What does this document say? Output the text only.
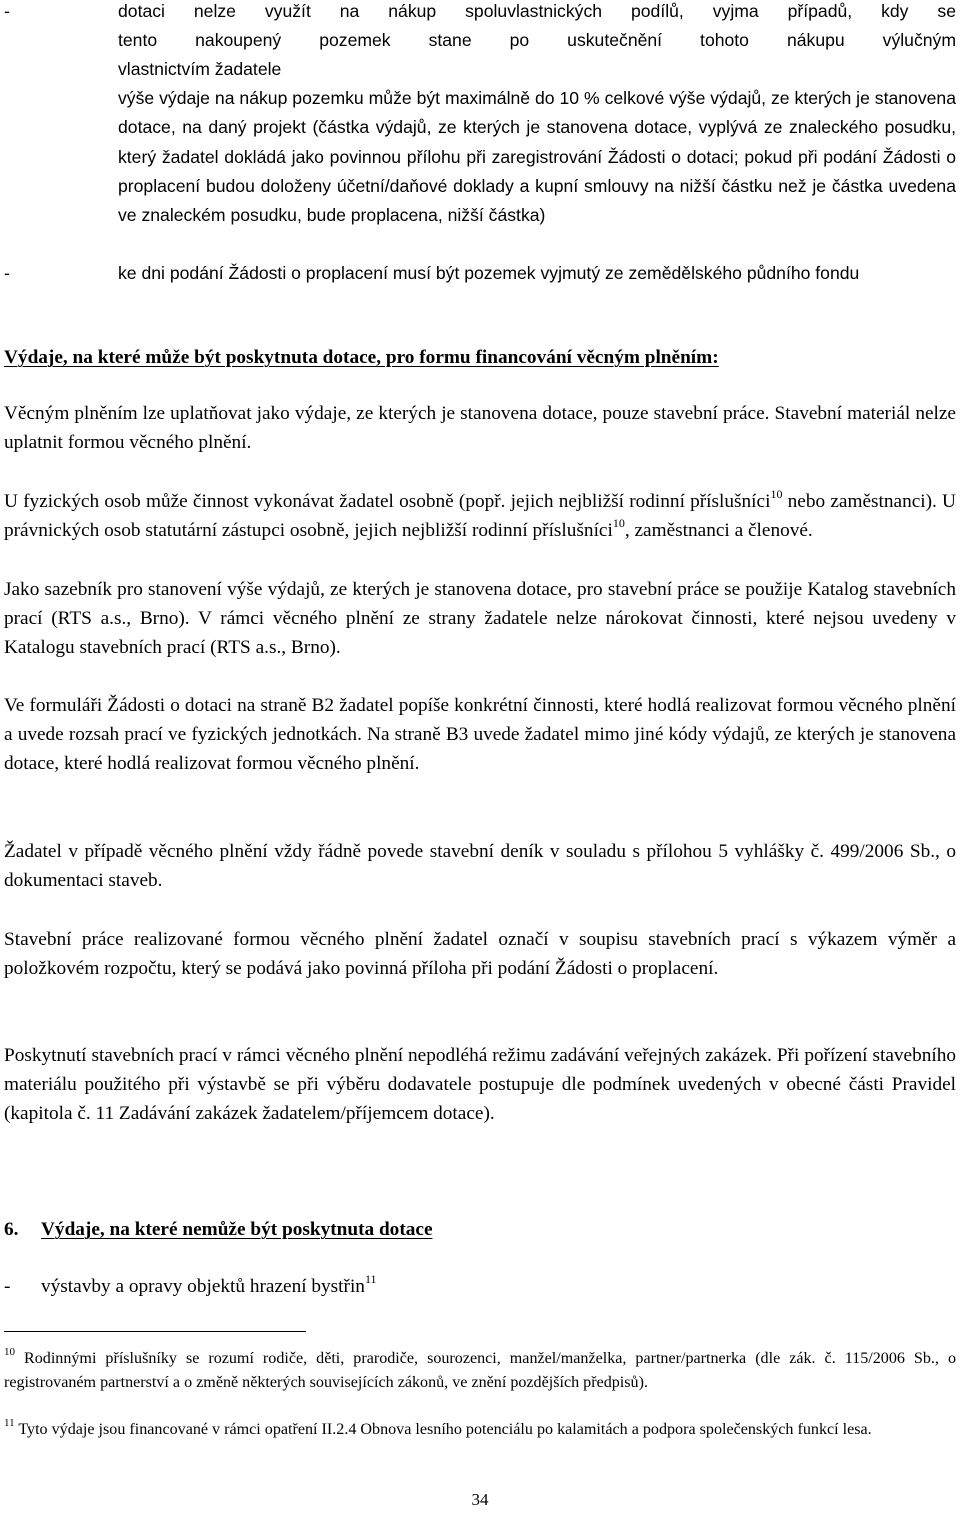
-	dotaci nelze využít na nákup spoluvlastnických podílů, vyjma případů, kdy se
tento nakoupený pozemek stane po uskutečnění tohoto nákupu výlučným
vlastnictvím žadatele
výše výdaje na nákup pozemku může být maximálně do 10 % celkové výše výdajů, ze kterých je stanovena dotace, na daný projekt (částka výdajů, ze kterých je stanovena dotace, vyplývá ze znaleckého posudku, který žadatel dokládá jako povinnou přílohu při zaregistrování Žádosti o dotaci; pokud při podání Žádosti o proplacení budou doloženy účetní/daňové doklady a kupní smlouvy na nižší částku než je částka uvedena ve znaleckém posudku, bude proplacena, nižší částka)
-	ke dni podání Žádosti o proplacení musí být pozemek vyjmutý ze zemědělského půdního fondu
Výdaje, na které může být poskytnuta dotace, pro formu financování věcným plněním:
Věcným plněním lze uplatňovat jako výdaje, ze kterých je stanovena dotace, pouze stavební práce. Stavební materiál nelze uplatnit formou věcného plnění.
U fyzických osob může činnost vykonávat žadatel osobně (popř. jejich nejbližší rodinní příslušníci$^{10}$ nebo zaměstnanci). U právnických osob statutární zástupci osobně, jejich nejbližší rodinní příslušníci$^{10}$, zaměstnanci a členové.
Jako sazebník pro stanovení výše výdajů, ze kterých je stanovena dotace, pro stavební práce se použije Katalog stavebních prací (RTS a.s., Brno). V rámci věcného plnění ze strany žadatele nelze nárokovat činnosti, které nejsou uvedeny v Katalogu stavebních prací (RTS a.s., Brno).
Ve formuláři Žádosti o dotaci na straně B2 žadatel popíše konkrétní činnosti, které hodlá realizovat formou věcného plnění a uvede rozsah prací ve fyzických jednotkách. Na straně B3 uvede žadatel mimo jiné kódy výdajů, ze kterých je stanovena dotace, které hodlá realizovat formou věcného plnění.
Žadatel v případě věcného plnění vždy řádně povede stavební deník v souladu s přílohou 5 vyhlášky č. 499/2006 Sb., o dokumentaci staveb.
Stavební práce realizované formou věcného plnění žadatel označí v soupisu stavebních prací s výkazem výměr a položkovém rozpočtu, který se podává jako povinná příloha při podání Žádosti o proplacení.
Poskytnutí stavebních prací v rámci věcného plnění nepodléhá režimu zadávání veřejných zakázek. Při pořízení stavebního materiálu použitého při výstavbě se při výběru dodavatele postupuje dle podmínek uvedených v obecné části Pravidel (kapitola č. 11 Zadávání zakázek žadatelem/příjemcem dotace).
6. Výdaje, na které nemůže být poskytnuta dotace
- výstavby a opravy objektů hrazení bystřin$^{11}$
$^{10}$ Rodinnými příslušníky se rozumí rodiče, děti, prarodiče, sourozenci, manžel/manželka, partner/partnerka (dle zák. č. 115/2006 Sb., o registrovaném partnerství a o změně některých souvisejících zákonů, ve znění pozdějších předpisů).
$^{11}$ Tyto výdaje jsou financované v rámci opatření II.2.4 Obnova lesního potenciálu po kalamitách a podpora společenských funkcí lesa.
34
